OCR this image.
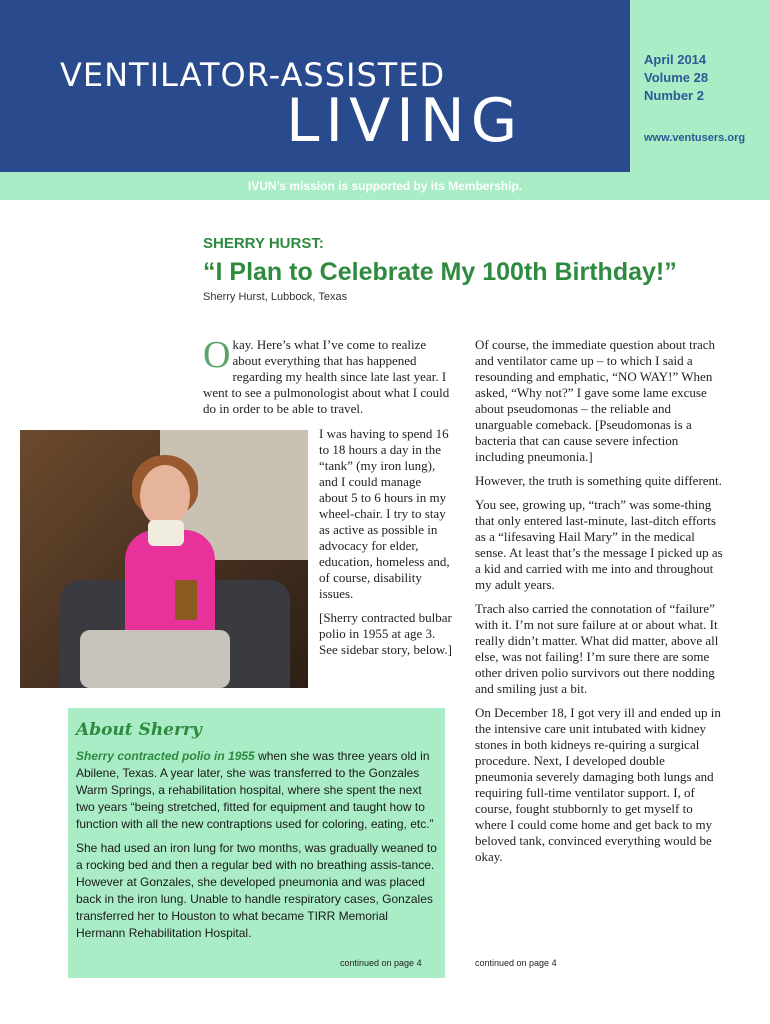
VENTILATOR-ASSISTED
LIVING
April 2014
Volume 28
Number 2
www.ventusers.org
IVUN’s mission is supported by its Membership.
SHERRY HURST:
“I Plan to Celebrate My 100th Birthday!”
Sherry Hurst, Lubbock, Texas
Okay. Here’s what I’ve come to realize about everything that has happened regarding my health since late last year. I went to see a pulmonologist about what I could do in order to be able to travel.

I was having to spend 16 to 18 hours a day in the “tank” (my iron lung), and I could manage about 5 to 6 hours in my wheel-chair. I try to stay as active as possible in advocacy for elder, education, homeless and, of course, disability issues.

[Sherry contracted bulbar polio in 1955 at age 3. See sidebar story, below.]

Of course, the immediate question about trach and ventilator came up – to which I said a resounding and emphatic, “NO WAY!” When asked, “Why not?” I gave some lame excuse about pseudomonas – the reliable and unarguable comeback. [Pseudomonas is a bacteria that can cause severe infection including pneumonia.]

However, the truth is something quite different.

You see, growing up, “trach” was some-thing that only entered last-minute, last-ditch efforts as a “lifesaving Hail Mary” in the medical sense. At least that’s the message I picked up as a kid and carried with me into and throughout my adult years.

Trach also carried the connotation of “failure” with it. I’m not sure failure at or about what. It really didn’t matter. What did matter, above all else, was not failing! I’m sure there are some other driven polio survivors out there nodding and smiling just a bit.

On December 18, I got very ill and ended up in the intensive care unit intubated with kidney stones in both kidneys re-quiring a surgical procedure. Next, I developed double pneumonia severely damaging both lungs and requiring full-time ventilator support. I, of course, fought stubbornly to get myself to where I could come home and get back to my beloved tank, convinced everything would be okay.

continued on page 4
About Sherry

Sherry contracted polio in 1955 when she was three years old in Abilene, Texas. A year later, she was transferred to the Gonzales Warm Springs, a rehabilitation hospital, where she spent the next two years “being stretched, fitted for equipment and taught how to function with all the new contraptions used for coloring, eating, etc.”

She had used an iron lung for two months, was gradually weaned to a rocking bed and then a regular bed with no breathing assis-tance. However at Gonzales, she developed pneumonia and was placed back in the iron lung. Unable to handle respiratory cases, Gonzales transferred her to Houston to what became TIRR Memorial Hermann Rehabilitation Hospital.

continued on page 4
